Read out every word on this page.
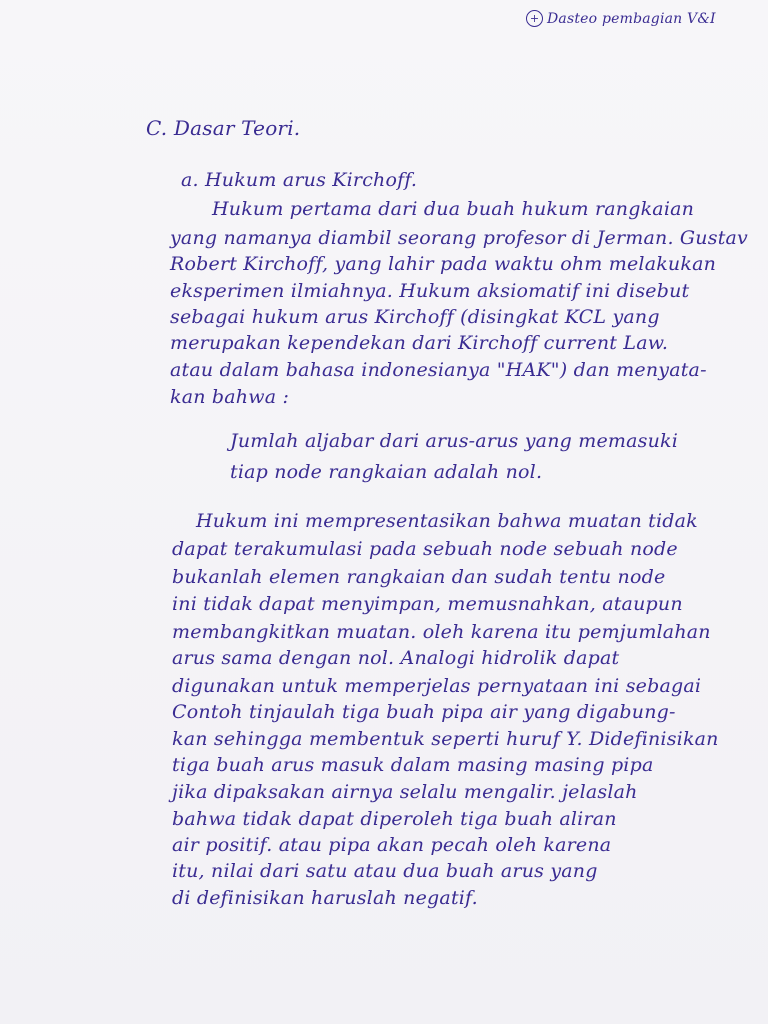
+ Dasteo pembagian V&I
C. Dasar Teori.
a. Hukum arus Kirchoff.
Hukum pertama dari dua buah hukum rangkaian
yang namanya diambil seorang profesor di Jerman. Gustav
Robert Kirchoff, yang lahir pada waktu ohm melakukan
eksperimen ilmiahnya. Hukum aksiomatif ini disebut
sebagai hukum arus Kirchoff (disingkat KCL yang
merupakan kependekan dari Kirchoff current Law.
atau dalam bahasa indonesianya "HAK") dan menyata-
kan bahwa :
Jumlah aljabar dari arus-arus yang memasuki
tiap node rangkaian adalah nol.
Hukum ini mempresentasikan bahwa muatan tidak
dapat terakumulasi pada sebuah node sebuah node
bukanlah elemen rangkaian dan sudah tentu node
ini tidak dapat menyimpan, memusnahkan, ataupun
membangkitkan muatan. oleh karena itu pemjumlahan
arus sama dengan nol. Analogi hidrolik dapat
digunakan untuk memperjelas pernyataan ini sebagai
Contoh tinjaulah tiga buah pipa air yang digabung-
kan sehingga membentuk seperti huruf Y. Didefinisikan
tiga buah arus masuk dalam masing masing pipa
jika dipaksakan airnya selalu mengalir. jelaslah
bahwa tidak dapat diperoleh tiga buah aliran
air positif. atau pipa akan pecah oleh karena
itu, nilai dari satu atau dua buah arus yang
di definisikan haruslah negatif.
